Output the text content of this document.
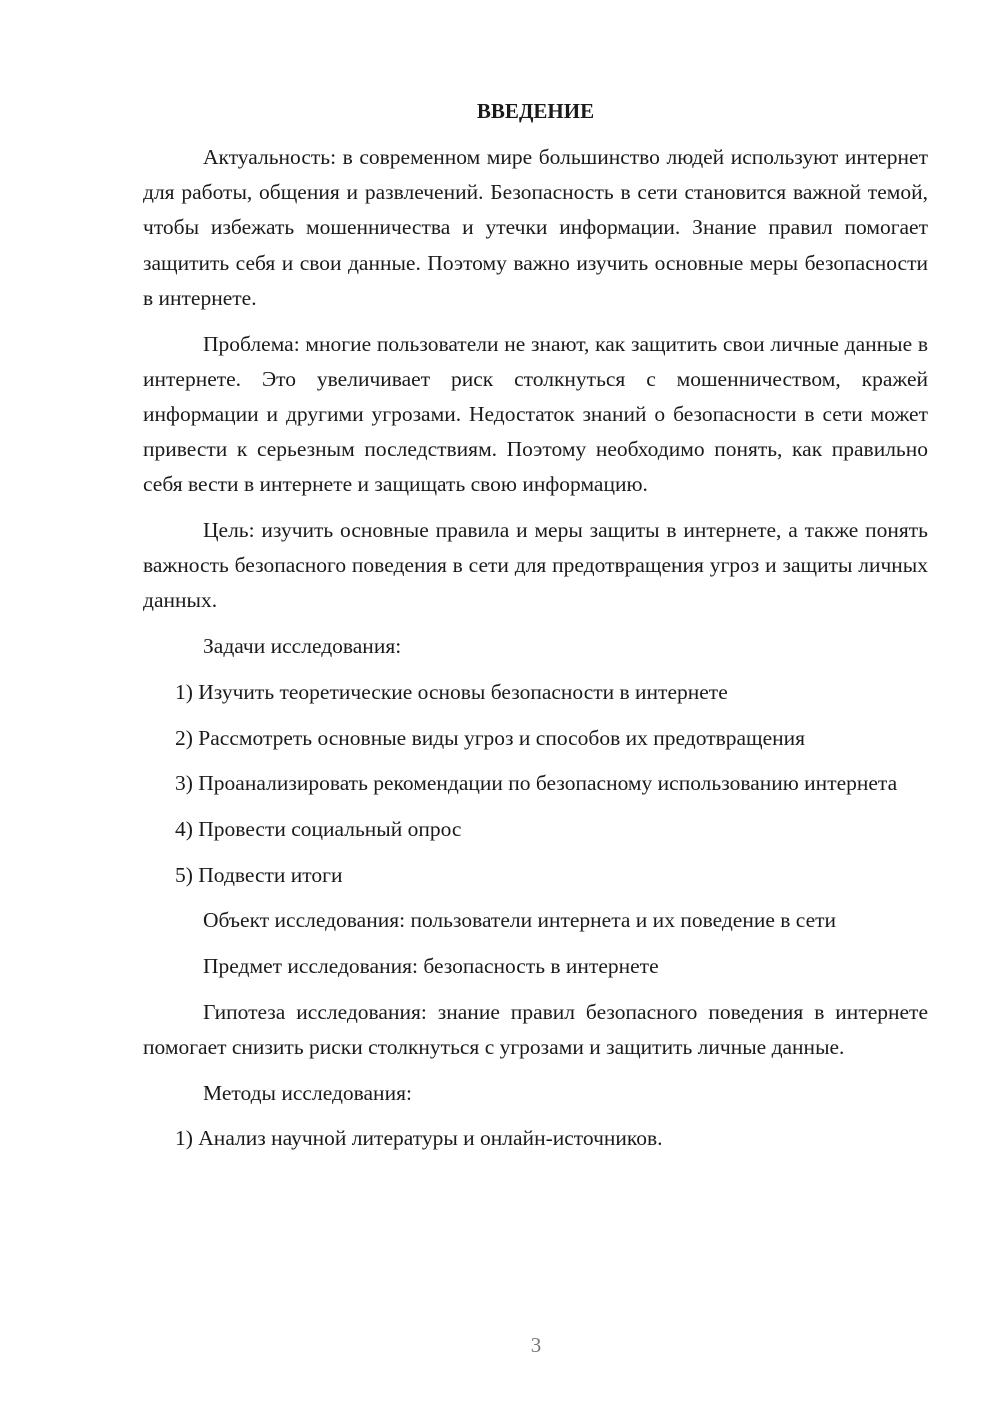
ВВЕДЕНИЕ

Актуальность: в современном мире большинство людей используют интернет для работы, общения и развлечений. Безопасность в сети становится важной темой, чтобы избежать мошенничества и утечки информации. Знание правил помогает защитить себя и свои данные. Поэтому важно изучить основные меры безопасности в интернете.

Проблема: многие пользователи не знают, как защитить свои личные данные в интернете. Это увеличивает риск столкнуться с мошенничеством, кражей информации и другими угрозами. Недостаток знаний о безопасности в сети может привести к серьезным последствиям. Поэтому необходимо понять, как правильно себя вести в интернете и защищать свою информацию.

Цель: изучить основные правила и меры защиты в интернете, а также понять важность безопасного поведения в сети для предотвращения угроз и защиты личных данных.

Задачи исследования:

1) Изучить теоретические основы безопасности в интернете

2) Рассмотреть основные виды угроз и способов их предотвращения

3) Проанализировать рекомендации по безопасному использованию интернета

4) Провести социальный опрос

5) Подвести итоги

Объект исследования: пользователи интернета и их поведение в сети

Предмет исследования: безопасность в интернете

Гипотеза исследования: знание правил безопасного поведения в интернете помогает снизить риски столкнуться с угрозами и защитить личные данные.

Методы исследования:

1) Анализ научной литературы и онлайн-источников.

3
